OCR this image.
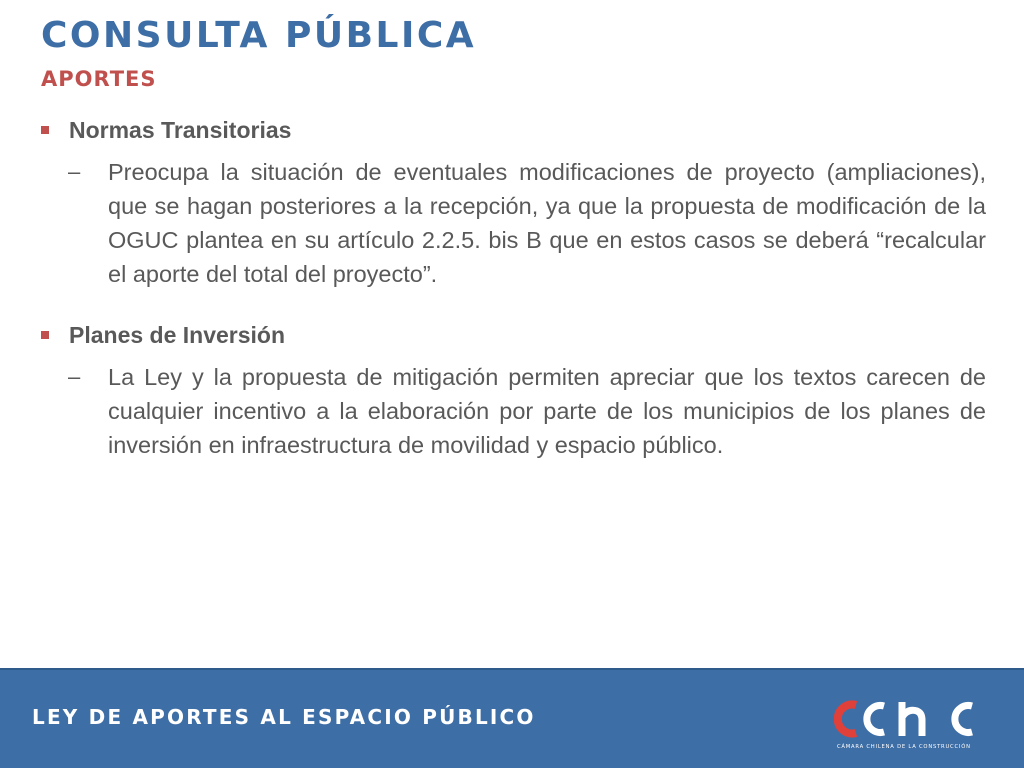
CONSULTA PÚBLICA
APORTES
Normas Transitorias
– Preocupa la situación de eventuales modificaciones de proyecto (ampliaciones), que se hagan posteriores a la recepción, ya que la propuesta de modificación de la OGUC plantea en su artículo 2.2.5. bis B que en estos casos se deberá “recalcular el aporte del total del proyecto”.
Planes de Inversión
– La Ley y la propuesta de mitigación permiten apreciar que los textos carecen de cualquier incentivo a la elaboración por parte de los municipios de los planes de inversión en infraestructura de movilidad y espacio público.
LEY DE APORTES AL ESPACIO PÚBLICO
CÁMARA CHILENA DE LA CONSTRUCCIÓN
